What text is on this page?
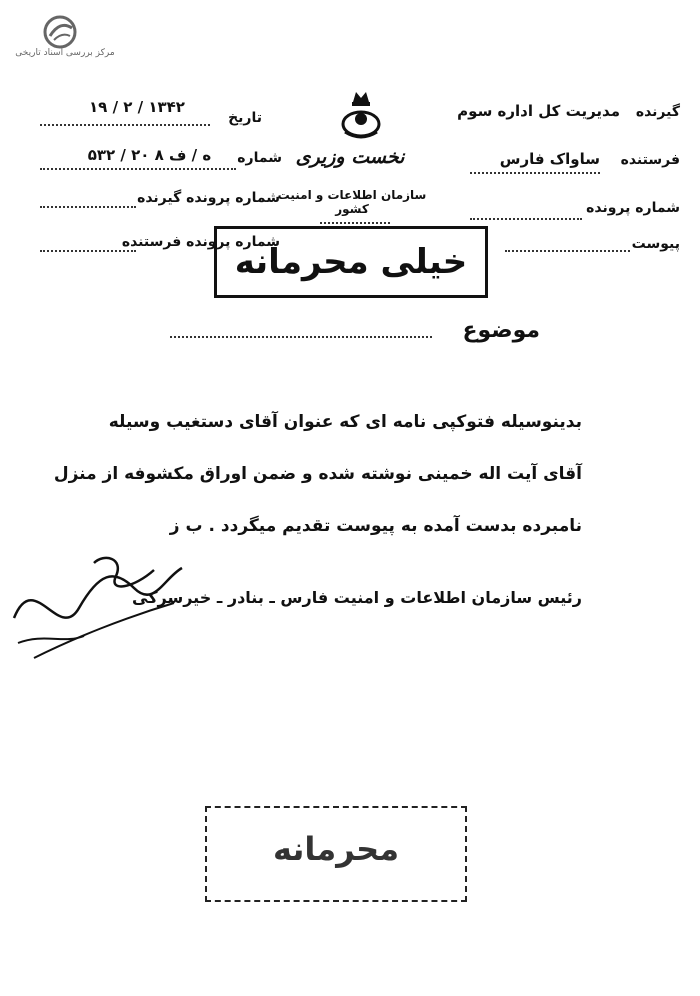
مرکز بررسی اسناد تاریخی
نخست وزیری
سازمان اطلاعات و امنیت کشور
گیرنده
مدیریت کل اداره سوم
فرستنده
ساواک فارس
شماره پرونده
پیوست
تاریخ
۱۹ / ۲ / ۱۳۴۲
شماره
۵۳۲ / ۲۰ ه / ف ۸
شماره پرونده گیرنده
شماره پرونده فرستنده
خیلی محرمانه
موضوع
بدینوسیله فتوکپی نامه ای که عنوان آقای دستغیب وسیله
آقای آیت اله خمینی نوشته شده و ضمن اوراق مکشوفه از منزل
نامبرده بدست آمده به پیوست تقدیم میگردد . ب ز
رئیس سازمان اطلاعات و امنیت فارس ـ بنادر ـ خیرسرکی
محرمانه
